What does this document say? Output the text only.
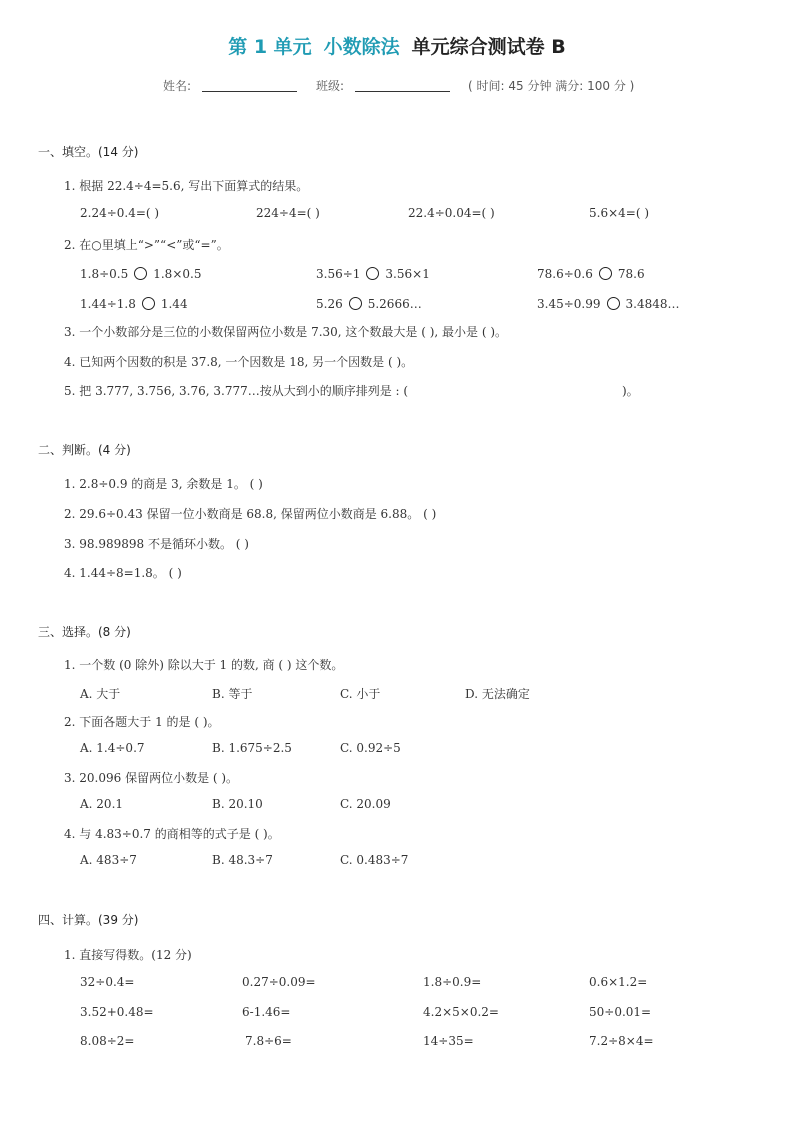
第 1 单元 小数除法 单元综合测试卷 B
姓名:	班级:	( 时间: 45 分钟 满分: 100 分 )
一、填空。(14 分)
1. 根据 22.4÷4=5.6, 写出下面算式的结果。
2.24÷0.4=( )	224÷4=( )	22.4÷0.04=( )	5.6×4=( )
2. 在○里填上“>”“<”或“=”。
1.8÷0.5 1.8×0.5	3.56÷1 3.56×1	78.6÷0.6 78.6
1.44÷1.8 1.44	5.26 5.2666…	3.45÷0.99 3.4848…
3. 一个小数部分是三位的小数保留两位小数是 7.30, 这个数最大是 ( ), 最小是 ( )。
4. 已知两个因数的积是 37.8, 一个因数是 18, 另一个因数是 ( )。
5. 把 3.777, 3.756, 3.76, 3.777…按从大到小的顺序排列是 : (	)。
二、判断。(4 分)
1. 2.8÷0.9 的商是 3, 余数是 1。 ( )
2. 29.6÷0.43 保留一位小数商是 68.8, 保留两位小数商是 6.88。 ( )
3. 98.989898 不是循环小数。 ( )
4. 1.44÷8=1.8。 ( )
三、选择。(8 分)
1. 一个数 (0 除外) 除以大于 1 的数, 商 ( ) 这个数。
A. 大于	B. 等于	C. 小于	D. 无法确定
2. 下面各题大于 1 的是 ( )。
A. 1.4÷0.7	B. 1.675÷2.5	C. 0.92÷5
3. 20.096 保留两位小数是 ( )。
A. 20.1	B. 20.10	C. 20.09
4. 与 4.83÷0.7 的商相等的式子是 ( )。
A. 483÷7	B. 48.3÷7	C. 0.483÷7
四、计算。(39 分)
1. 直接写得数。(12 分)
32÷0.4=	0.27÷0.09=	1.8÷0.9=	0.6×1.2=
3.52+0.48=	6-1.46=	4.2×5×0.2=	50÷0.01=
8.08÷2=	7.8÷6=	14÷35=	7.2÷8×4=
